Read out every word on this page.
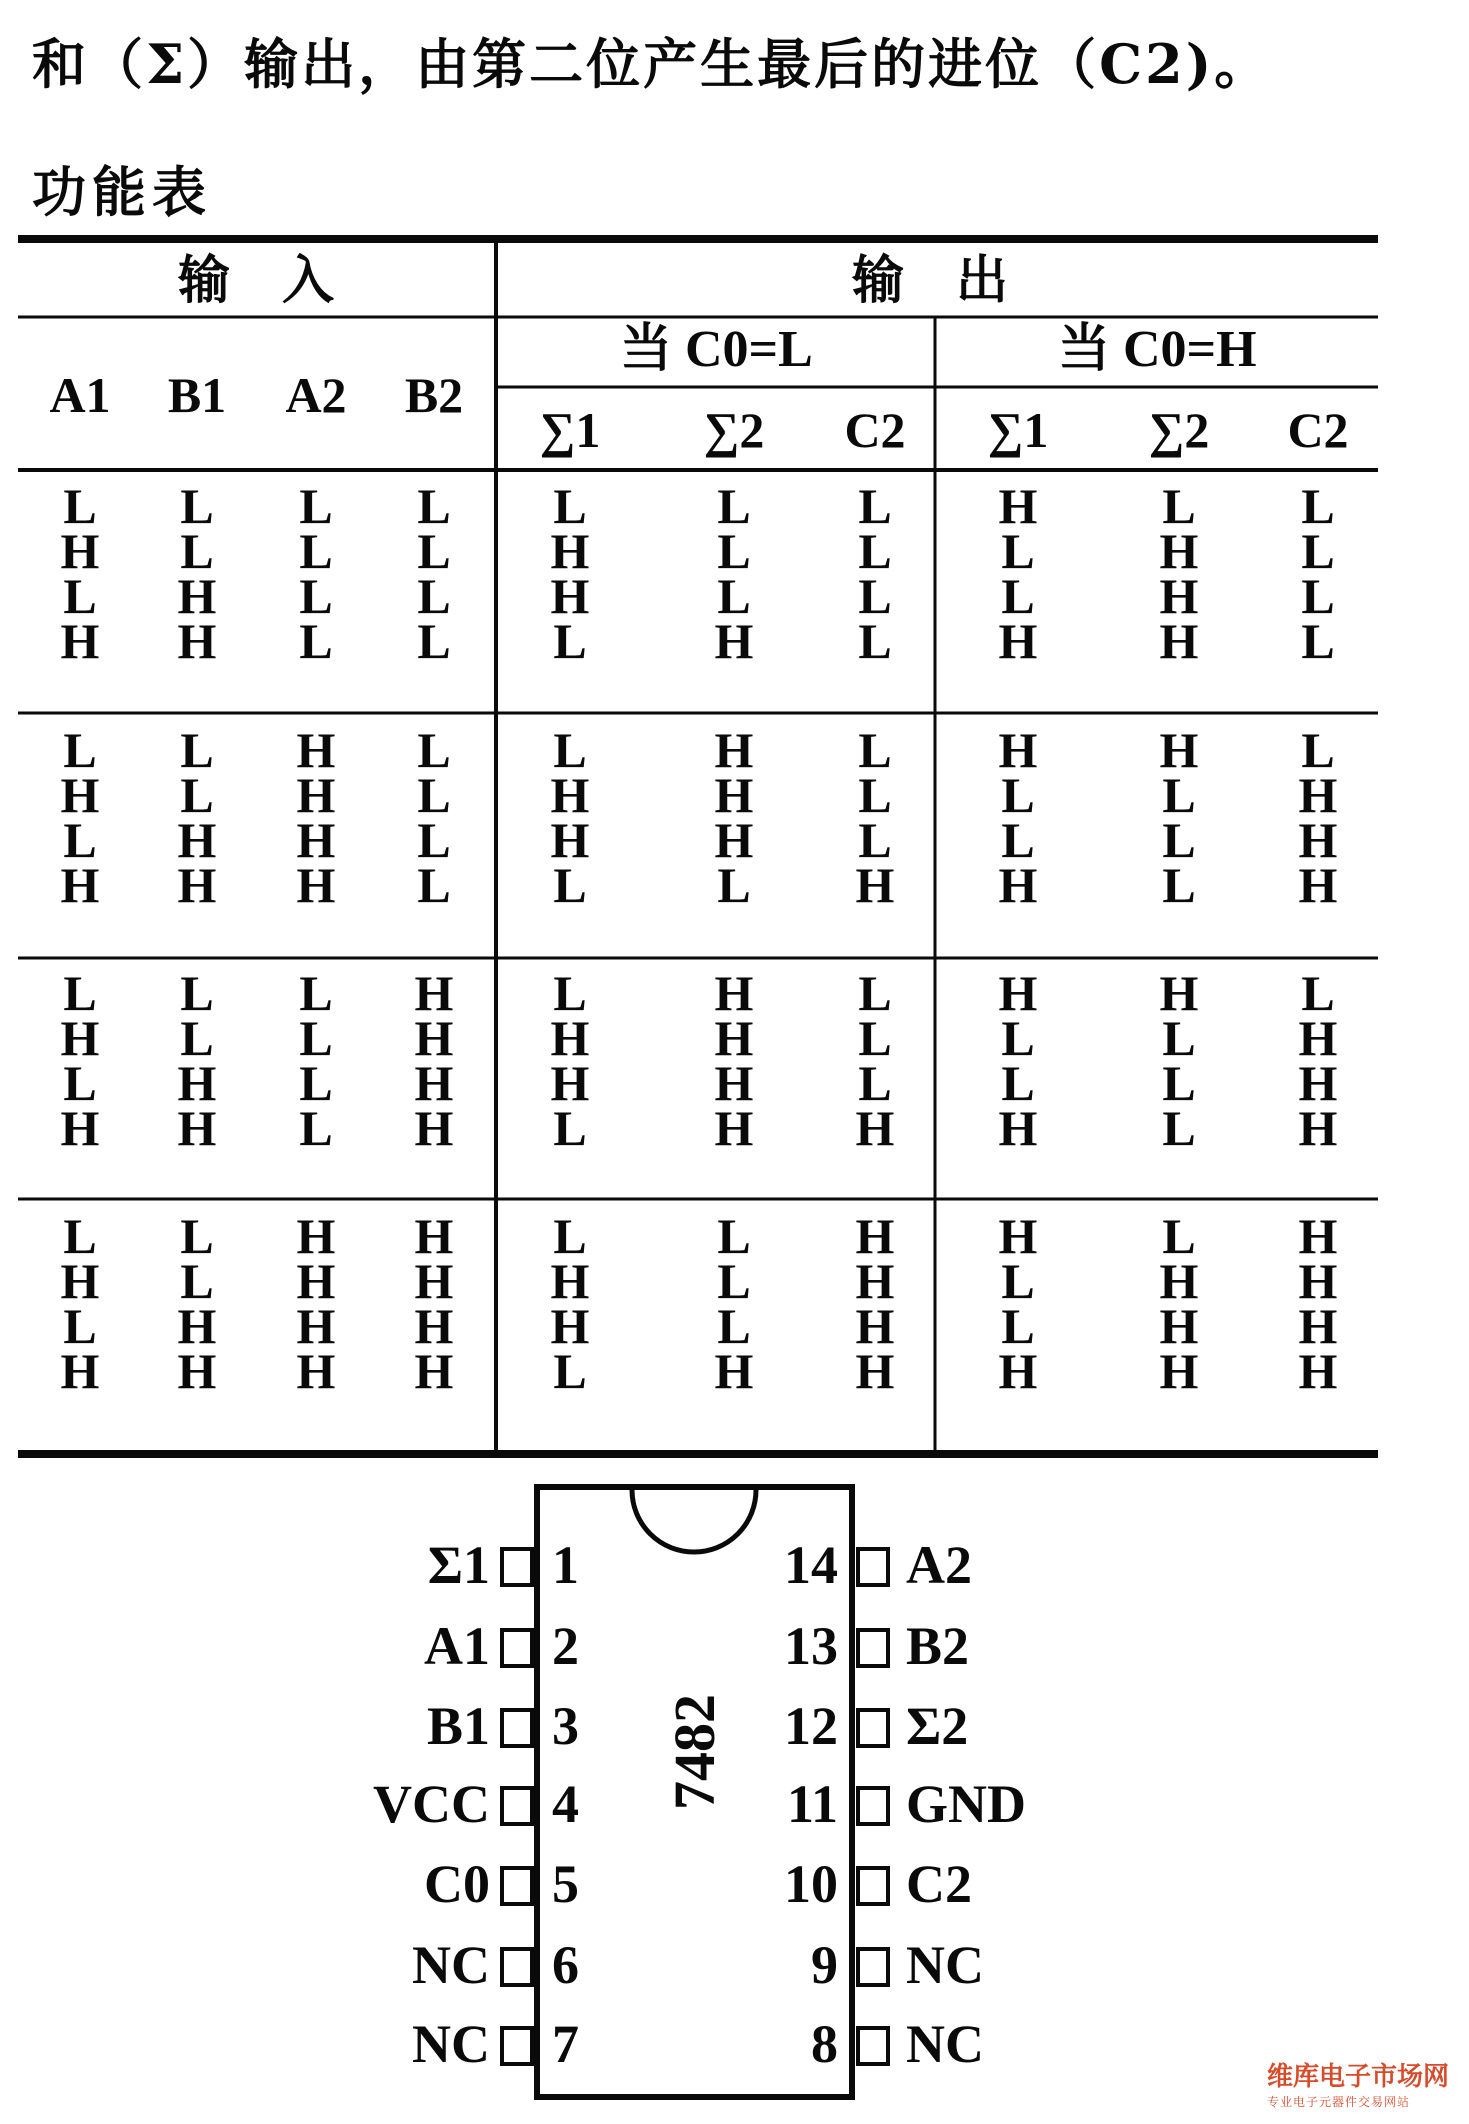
和（Σ）输出，由第二位产生最后的进位（C2)。
功能表
输　入	输　出
当 C0=L	当 C0=H
A1	B1	A2	B2
∑1 ∑2 C2 ∑1 ∑2 C2
L	L	L	L	L	L	L	H	L	L
H	L	L	L	H	L	L	L	H	L
L	H	L	L	H	L	L	L	H	L
H	H	L	L	L	H	L	H	H	L
L	L	H	L	L	H	L	H	H	L
H	L	H	L	H	H	L	L	L	H
L	H	H	L	H	H	L	L	L	H
H	H	H	L	L	L	H	H	L	H
L	L	L	H	L	H	L	H	H	L
H	L	L	H	H	H	L	L	L	H
L	H	L	H	H	H	L	L	L	H
H	H	L	H	L	H	H	H	L	H
L	L	H	H	L	L	H	H	L	H
H	L	H	H	H	L	H	L	H	H
L	H	H	H	H	L	H	L	H	H
H	H	H	H	L	H	H	H	H	H
7482
Σ1 1
A1 2
B1 3
VCC 4
C0 5
NC 6
NC 7
14 A2
13 B2
12 Σ2
11 GND
10 C2
9 NC
8 NC
维库电子市场网
专业电子元器件交易网站
